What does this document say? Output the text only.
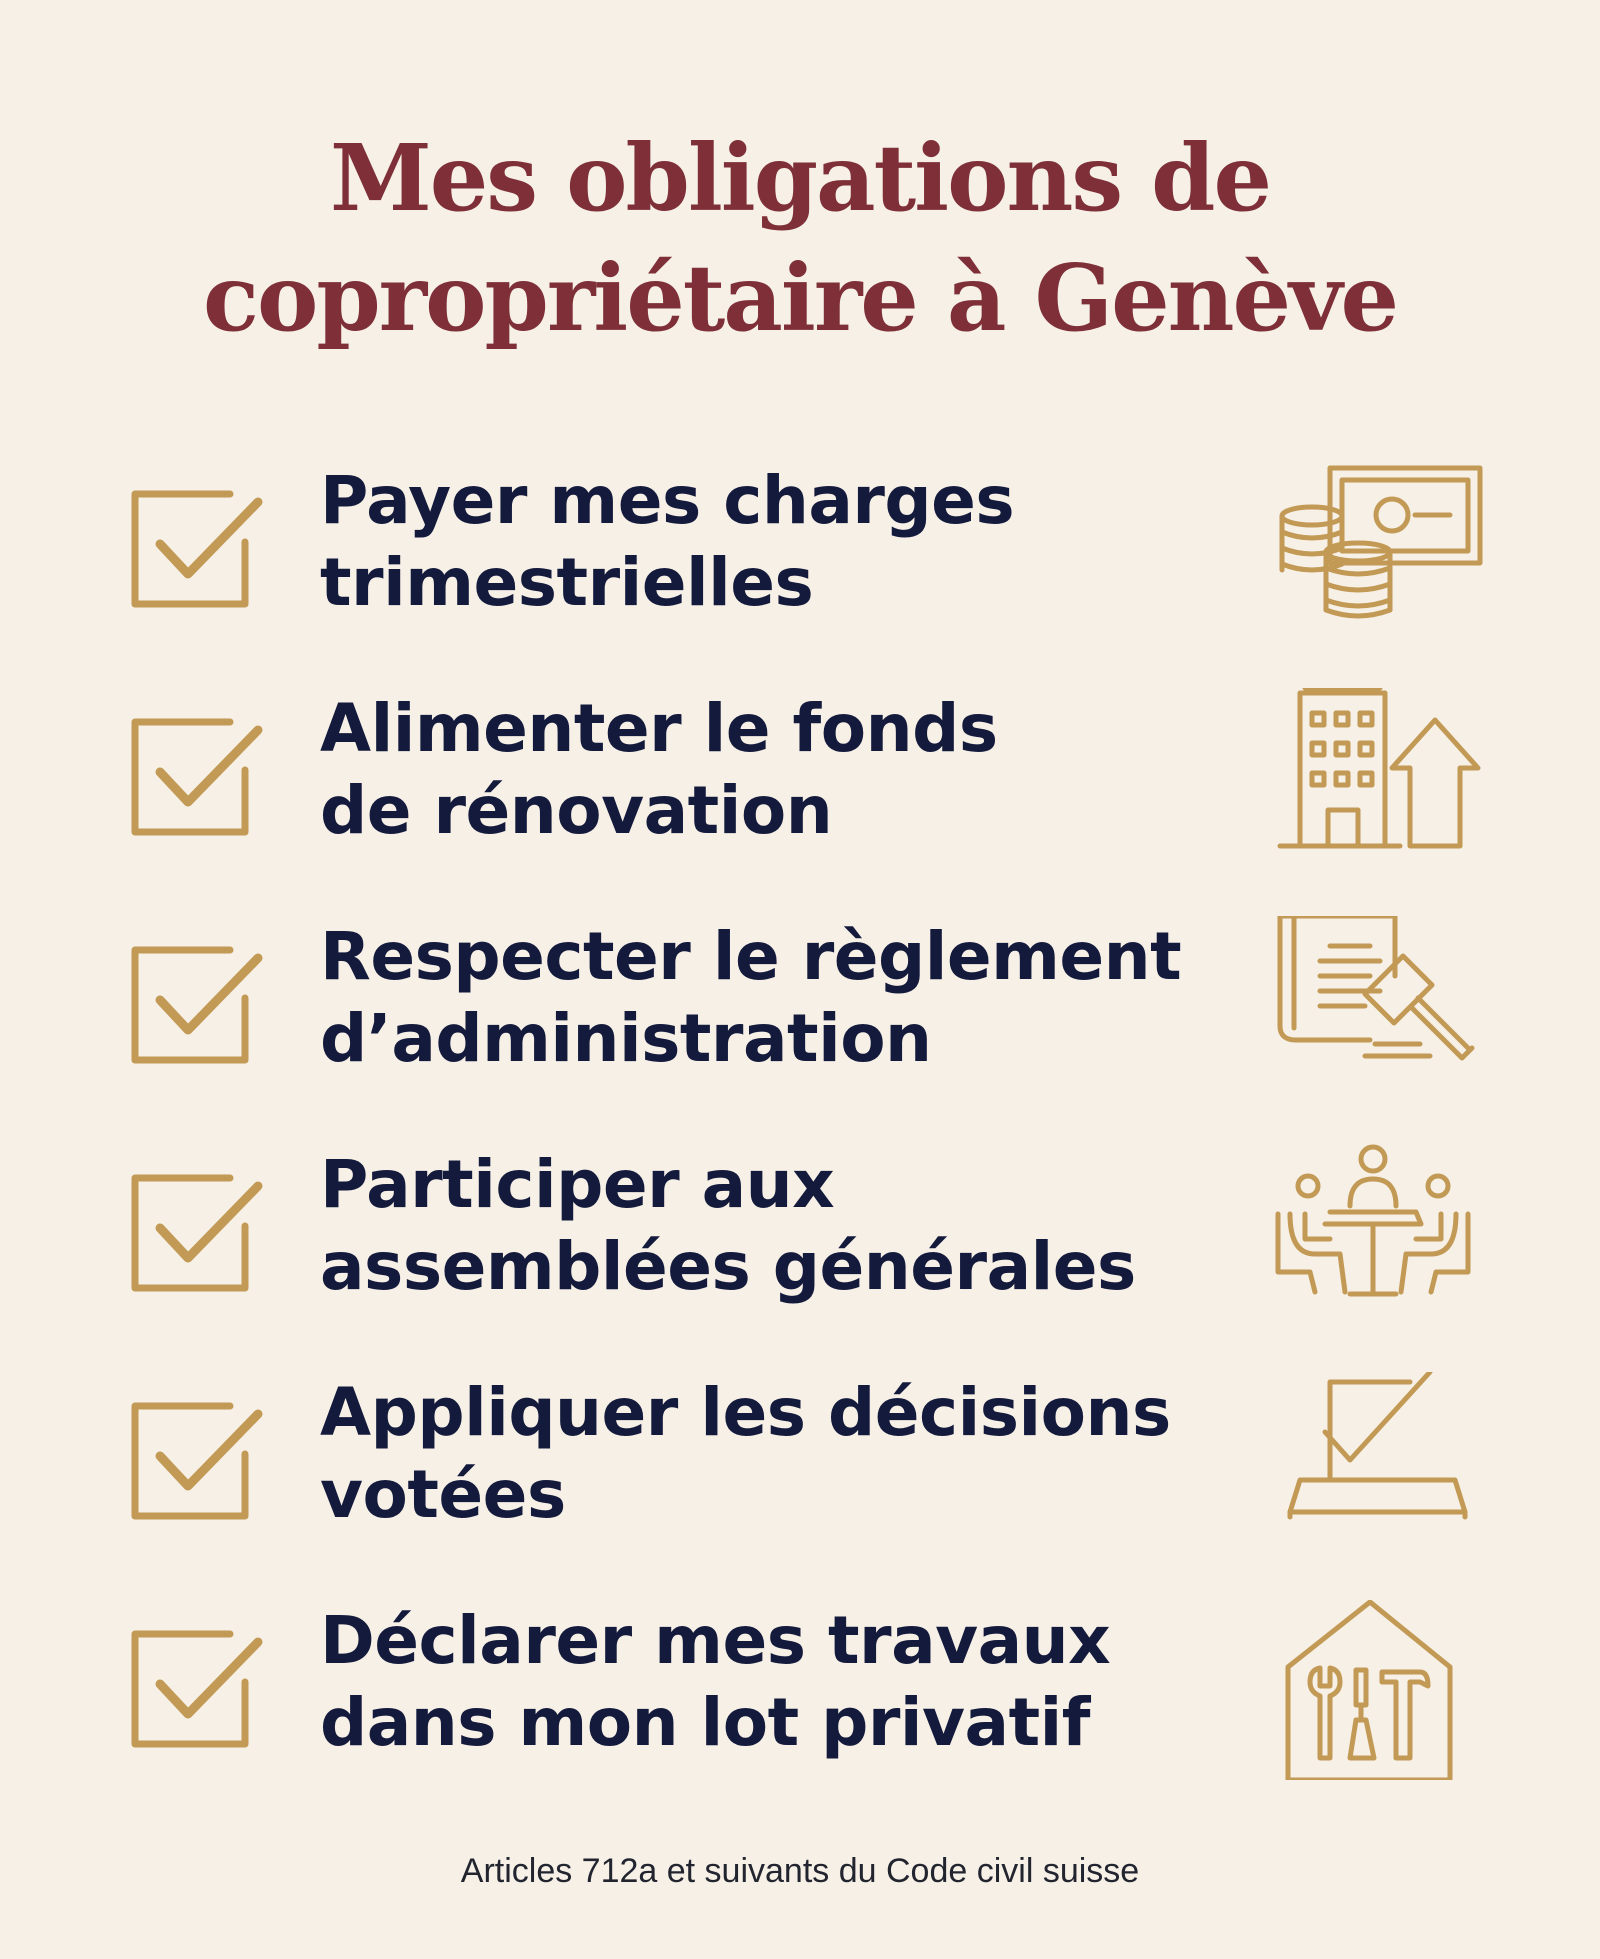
Mes obligations de
copropriétaire à Genève
Payer mes charges
trimestrielles
Alimenter le fonds
de rénovation
Respecter le règlement
d’administration
Participer aux
assemblées générales
Appliquer les décisions
votées
Déclarer mes travaux
dans mon lot privatif
Articles 712a et suivants du Code civil suisse
